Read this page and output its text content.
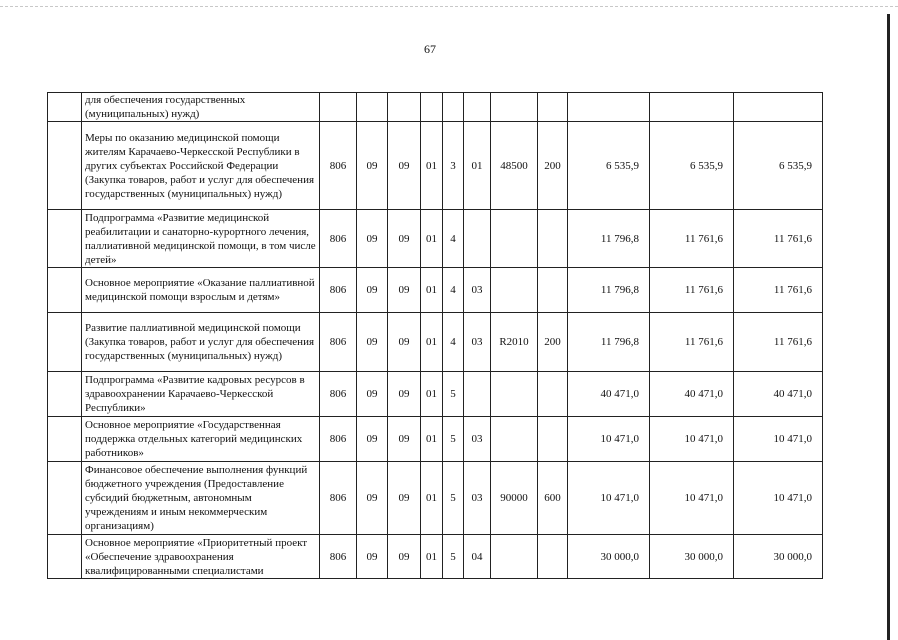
67
	для обеспечения государственных (муниципальных) нужд)											
	Меры по оказанию медицинской помощи жителям Карачаево-Черкесской Республики в других субъектах Российской Федерации (Закупка товаров, работ и услуг для обеспечения государственных (муниципальных) нужд)	806	09	09	01	3	01	48500	200	6 535,9	6 535,9	6 535,9
	Подпрограмма «Развитие медицинской реабилитации и санаторно-курортного лечения, паллиативной медицинской помощи, в том числе детей»	806	09	09	01	4				11 796,8	11 761,6	11 761,6
	Основное мероприятие «Оказание паллиативной медицинской помощи взрослым и детям»	806	09	09	01	4	03			11 796,8	11 761,6	11 761,6
	Развитие паллиативной медицинской помощи (Закупка товаров, работ и услуг для обеспечения государственных (муниципальных) нужд)	806	09	09	01	4	03	R2010	200	11 796,8	11 761,6	11 761,6
	Подпрограмма «Развитие кадровых ресурсов в здравоохранении Карачаево-Черкесской Республики»	806	09	09	01	5				40 471,0	40 471,0	40 471,0
	Основное мероприятие «Государственная поддержка отдельных категорий медицинских работников»	806	09	09	01	5	03			10 471,0	10 471,0	10 471,0
	Финансовое обеспечение выполнения функций бюджетного учреждения (Предоставление субсидий бюджетным, автономным учреждениям и иным некоммерческим организациям)	806	09	09	01	5	03	90000	600	10 471,0	10 471,0	10 471,0
	Основное мероприятие «Приоритетный проект «Обеспечение здравоохранения квалифицированными специалистами	806	09	09	01	5	04			30 000,0	30 000,0	30 000,0
